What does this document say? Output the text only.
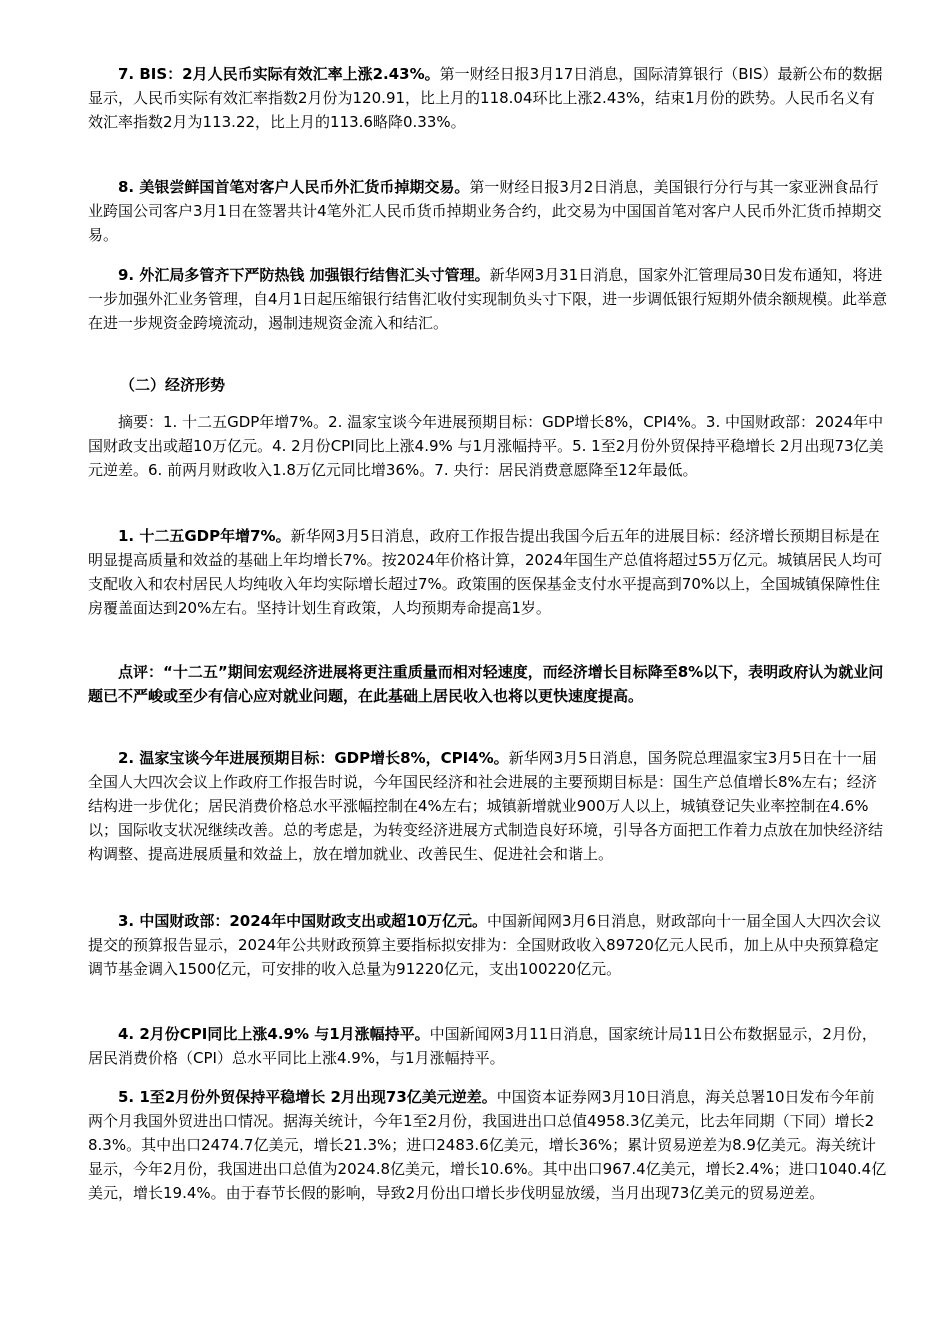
7. BIS：2月人民币实际有效汇率上涨2.43%。第一财经日报3月17日消息，国际清算银行（BIS）最新公布的数据显示，人民币实际有效汇率指数2月份为120.91，比上月的118.04环比上涨2.43%，结束1月份的跌势。人民币名义有效汇率指数2月为113.22，比上月的113.6略降0.33%。

8. 美银尝鲜国首笔对客户人民币外汇货币掉期交易。第一财经日报3月2日消息，美国银行分行与其一家亚洲食品行业跨国公司客户3月1日在签署共计4笔外汇人民币货币掉期业务合约，此交易为中国国首笔对客户人民币外汇货币掉期交易。

9. 外汇局多管齐下严防热钱 加强银行结售汇头寸管理。新华网3月31日消息，国家外汇管理局30日发布通知，将进一步加强外汇业务管理，自4月1日起压缩银行结售汇收付实现制负头寸下限，进一步调低银行短期外债余额规模。此举意在进一步规资金跨境流动，遏制违规资金流入和结汇。

（二）经济形势

摘要：1. 十二五GDP年增7%。2. 温家宝谈今年进展预期目标：GDP增长8%，CPI4%。3. 中国财政部：2024年中国财政支出或超10万亿元。4. 2月份CPI同比上涨4.9% 与1月涨幅持平。5. 1至2月份外贸保持平稳增长 2月出现73亿美元逆差。6. 前两月财政收入1.8万亿元同比增36%。7. 央行：居民消费意愿降至12年最低。

1. 十二五GDP年增7%。新华网3月5日消息，政府工作报告提出我国今后五年的进展目标：经济增长预期目标是在明显提高质量和效益的基础上年均增长7%。按2024年价格计算，2024年国生产总值将超过55万亿元。城镇居民人均可支配收入和农村居民人均纯收入年均实际增长超过7%。政策围的医保基金支付水平提高到70%以上，全国城镇保障性住房覆盖面达到20%左右。坚持计划生育政策，人均预期寿命提高1岁。

点评：“十二五”期间宏观经济进展将更注重质量而相对轻速度，而经济增长目标降至8%以下，表明政府认为就业问题已不严峻或至少有信心应对就业问题，在此基础上居民收入也将以更快速度提高。

2. 温家宝谈今年进展预期目标：GDP增长8%，CPI4%。新华网3月5日消息，国务院总理温家宝3月5日在十一届全国人大四次会议上作政府工作报告时说，今年国民经济和社会进展的主要预期目标是：国生产总值增长8%左右；经济结构进一步优化；居民消费价格总水平涨幅控制在4%左右；城镇新增就业900万人以上，城镇登记失业率控制在4.6%以；国际收支状况继续改善。总的考虑是，为转变经济进展方式制造良好环境，引导各方面把工作着力点放在加快经济结构调整、提高进展质量和效益上，放在增加就业、改善民生、促进社会和谐上。

3. 中国财政部：2024年中国财政支出或超10万亿元。中国新闻网3月6日消息，财政部向十一届全国人大四次会议提交的预算报告显示，2024年公共财政预算主要指标拟安排为：全国财政收入89720亿元人民币，加上从中央预算稳定调节基金调入1500亿元，可安排的收入总量为91220亿元，支出100220亿元。

4. 2月份CPI同比上涨4.9% 与1月涨幅持平。中国新闻网3月11日消息，国家统计局11日公布数据显示，2月份，居民消费价格（CPI）总水平同比上涨4.9%，与1月涨幅持平。

5. 1至2月份外贸保持平稳增长 2月出现73亿美元逆差。中国资本证券网3月10日消息，海关总署10日发布今年前两个月我国外贸进出口情况。据海关统计，今年1至2月份，我国进出口总值4958.3亿美元，比去年同期（下同）增长28.3%。其中出口2474.7亿美元，增长21.3%；进口2483.6亿美元，增长36%；累计贸易逆差为8.9亿美元。海关统计显示，今年2月份，我国进出口总值为2024.8亿美元，增长10.6%。其中出口967.4亿美元，增长2.4%；进口1040.4亿美元，增长19.4%。由于春节长假的影响，导致2月份出口增长步伐明显放缓，当月出现73亿美元的贸易逆差。
